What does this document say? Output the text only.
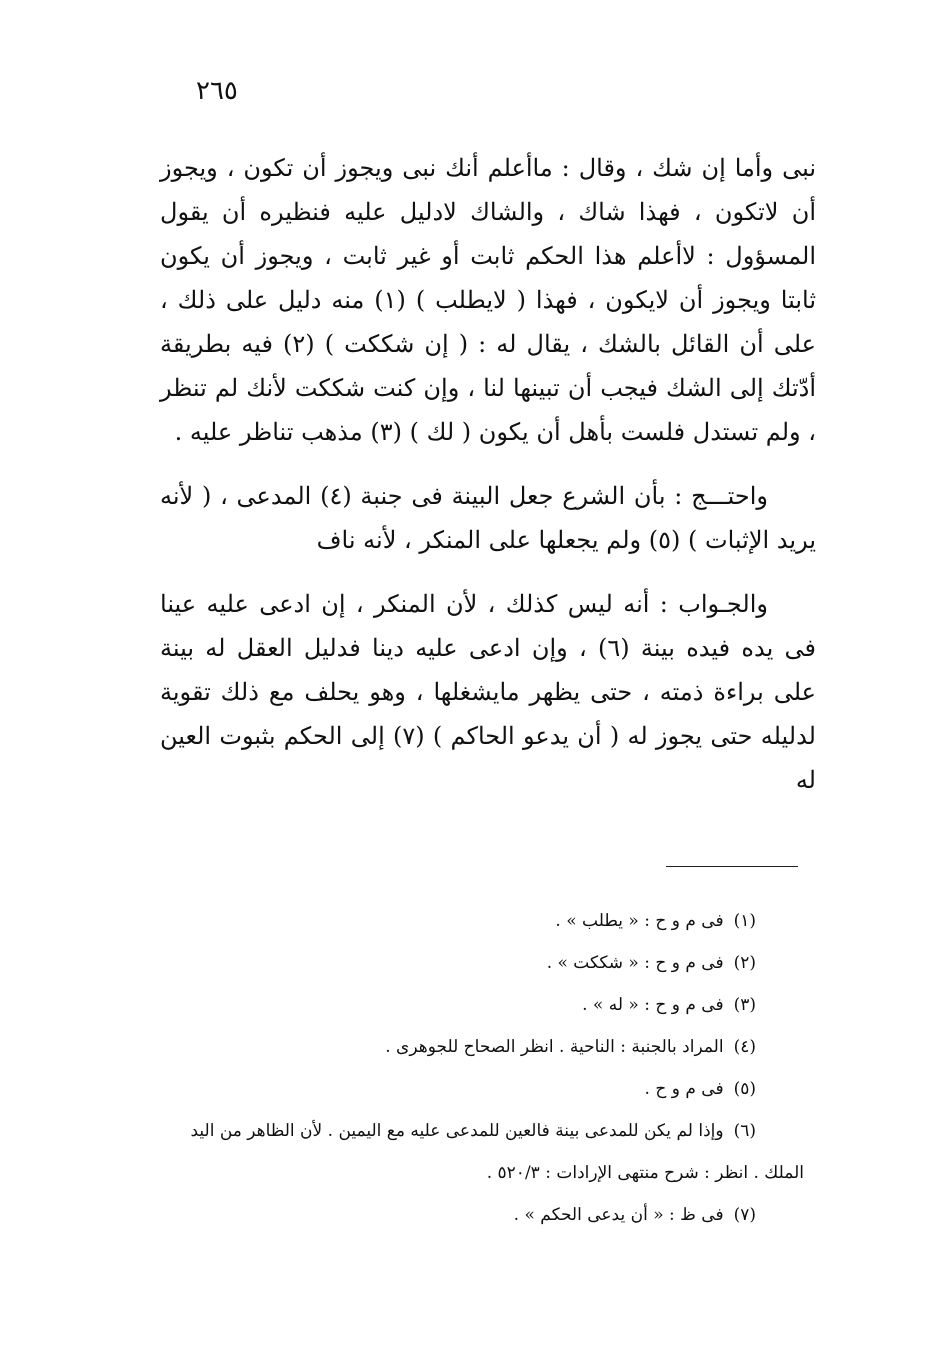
٢٦٥

نبى وأما إن شك ، وقال : ماأعلم أنك نبى ويجوز أن تكون ، ويجوز أن لاتكون ، فهذا شاك ، والشاك لادليل عليه فنظيره أن يقول المسؤول : لاأعلم هذا الحكم ثابت أو غير ثابت ، ويجوز أن يكون ثابتا ويجوز أن لايكون ، فهذا ( لايطلب ) (١) منه دليل على ذلك ، على أن القائل بالشك ، يقال له : ( إن شككت ) (٢) فيه بطريقة أدّتك إلى الشك فيجب أن تبينها لنا ، وإن كنت شككت لأنك لم تنظر ، ولم تستدل فلست بأهل أن يكون ( لك ) (٣) مذهب تناظر عليه .

واحتـــج : بأن الشرع جعل البينة فى جنبة (٤) المدعى ، ( لأنه يريد الإثبات ) (٥) ولم يجعلها على المنكر ، لأنه ناف

والجـواب : أنه ليس كذلك ، لأن المنكر ، إن ادعى عليه عينا فى يده فيده بينة (٦) ، وإن ادعى عليه دينا فدليل العقل له بينة على براءة ذمته ، حتى يظهر مايشغلها ، وهو يحلف مع ذلك تقوية لدليله حتى يجوز له ( أن يدعو الحاكم ) (٧) إلى الحكم بثبوت العين له

(١)فى م و ح : « يطلب » .
(٢)فى م و ح : « شككت » .
(٣)فى م و ح : « له » .
(٤)المراد بالجنبة : الناحية . انظر الصحاح للجوهرى .
(٥)فى م و ح .
(٦)وإذا لم يكن للمدعى بينة فالعين للمدعى عليه مع اليمين . لأن الظاهر من اليد الملك . انظر : شرح منتهى الإرادات : ٥٢٠/٣ .
(٧)فى ظ : « أن يدعى الحكم » .
